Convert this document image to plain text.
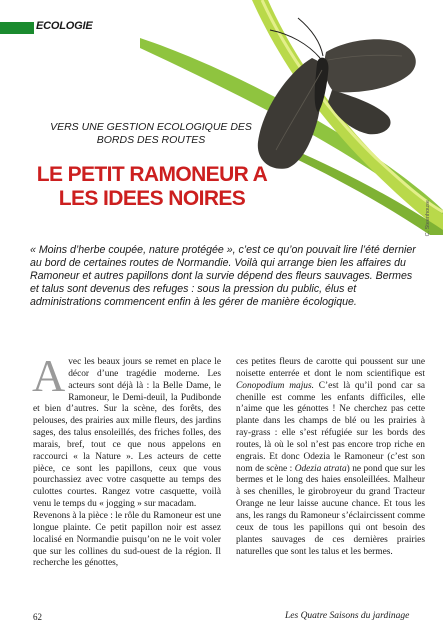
ECOLOGIE
C. Steenhouse
VERS UNE GESTION ECOLOGIQUE DES BORDS DES ROUTES
LE PETIT RAMONEUR A LES IDEES NOIRES
« Moins d’herbe coupée, nature protégée », c’est ce qu’on pouvait lire l’été dernier au bord de certaines routes de Normandie. Voilà qui arrange bien les affaires du Ramoneur et autres papillons dont la survie dépend des fleurs sauvages. Bermes et talus sont devenus des refuges : sous la pression du public, élus et administrations commencent enfin à les gérer de manière écologique.
Avec les beaux jours se remet en place le décor d’une tragédie moderne. Les acteurs sont déjà là : la Belle Dame, le Ramoneur, le Demi-deuil, la Pudibonde et bien d’autres. Sur la scène, des forêts, des pelouses, des prairies aux mille fleurs, des jardins sages, des talus ensoleillés, des friches folles, des marais, bref, tout ce que nous appelons en raccourci « la Nature ». Les acteurs de cette pièce, ce sont les papillons, ceux que vous pourchassiez avec votre casquette au temps des culottes courtes. Rangez votre casquette, voilà venu le temps du « jogging » sur macadam.
Revenons à la pièce : le rôle du Ramoneur est une longue plainte. Ce petit papillon noir est assez localisé en Normandie puisqu’on ne le voit voler que sur les collines du sud-ouest de la région. Il recherche les génottes,
ces petites fleurs de carotte qui poussent sur une noisette enterrée et dont le nom scientifique est Conopodium majus. C’est là qu’il pond car sa chenille est comme les enfants difficiles, elle n’aime que les génottes ! Ne cherchez pas cette plante dans les champs de blé ou les prairies à ray-grass : elle s’est réfugiée sur les bords des routes, là où le sol n’est pas encore trop riche en engrais. Et donc Odezia le Ramoneur (c’est son nom de scène : Odezia atrata) ne pond que sur les bermes et le long des haies ensoleillées. Malheur à ses chenilles, le girobroyeur du grand Tracteur Orange ne leur laisse aucune chance. Et tous les ans, les rangs du Ramoneur s’éclaircissent comme ceux de tous les papillons qui ont besoin des plantes sauvages de ces dernières prairies naturelles que sont les talus et les bermes.
62	Les Quatre Saisons du jardinage
